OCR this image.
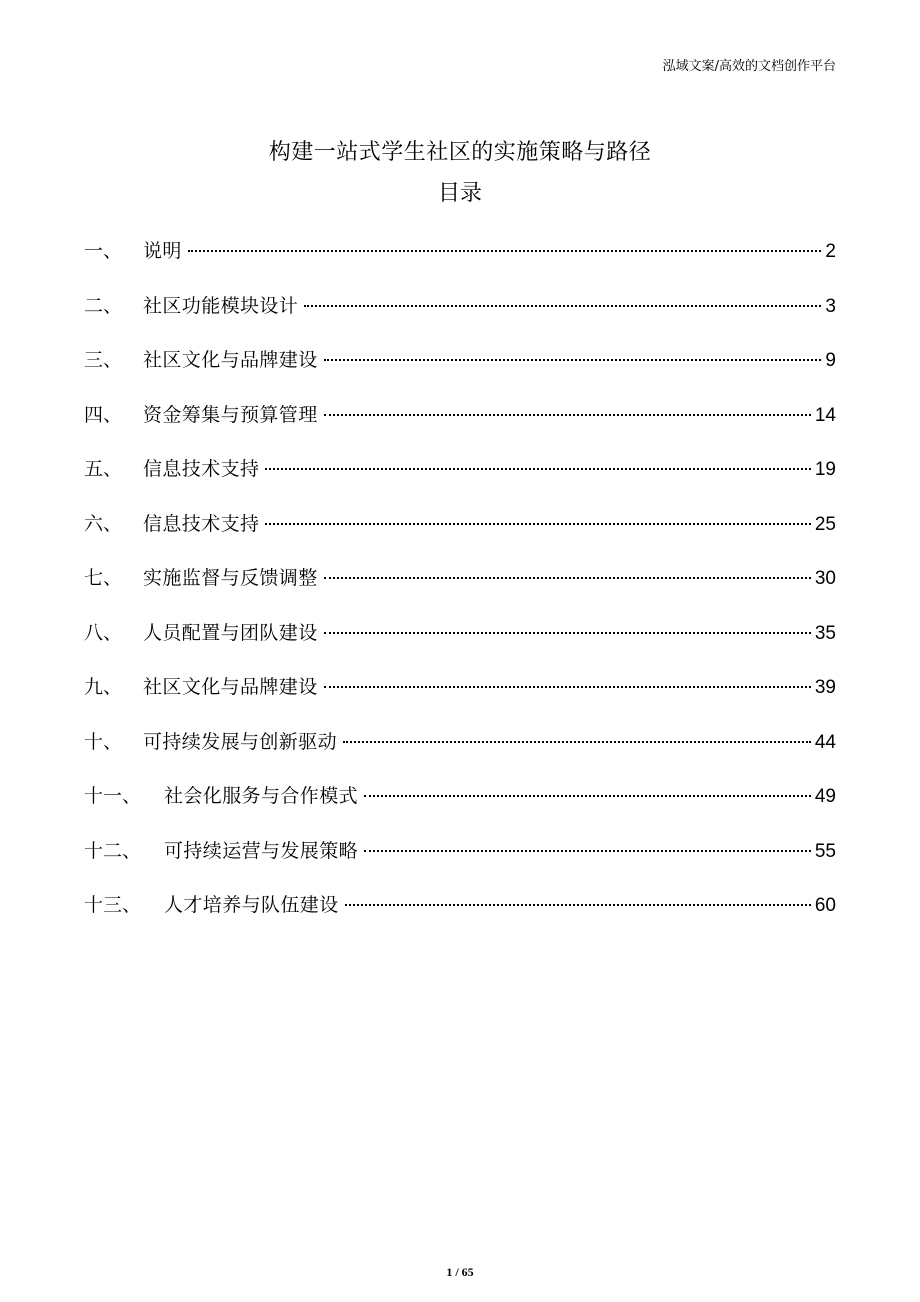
泓域文案/高效的文档创作平台
构建一站式学生社区的实施策略与路径
目录
一、	说明	2
二、	社区功能模块设计	3
三、	社区文化与品牌建设	9
四、	资金筹集与预算管理	14
五、	信息技术支持	19
六、	信息技术支持	25
七、	实施监督与反馈调整	30
八、	人员配置与团队建设	35
九、	社区文化与品牌建设	39
十、	可持续发展与创新驱动	44
十一、	社会化服务与合作模式	49
十二、	可持续运营与发展策略	55
十三、	人才培养与队伍建设	60
1 / 65
